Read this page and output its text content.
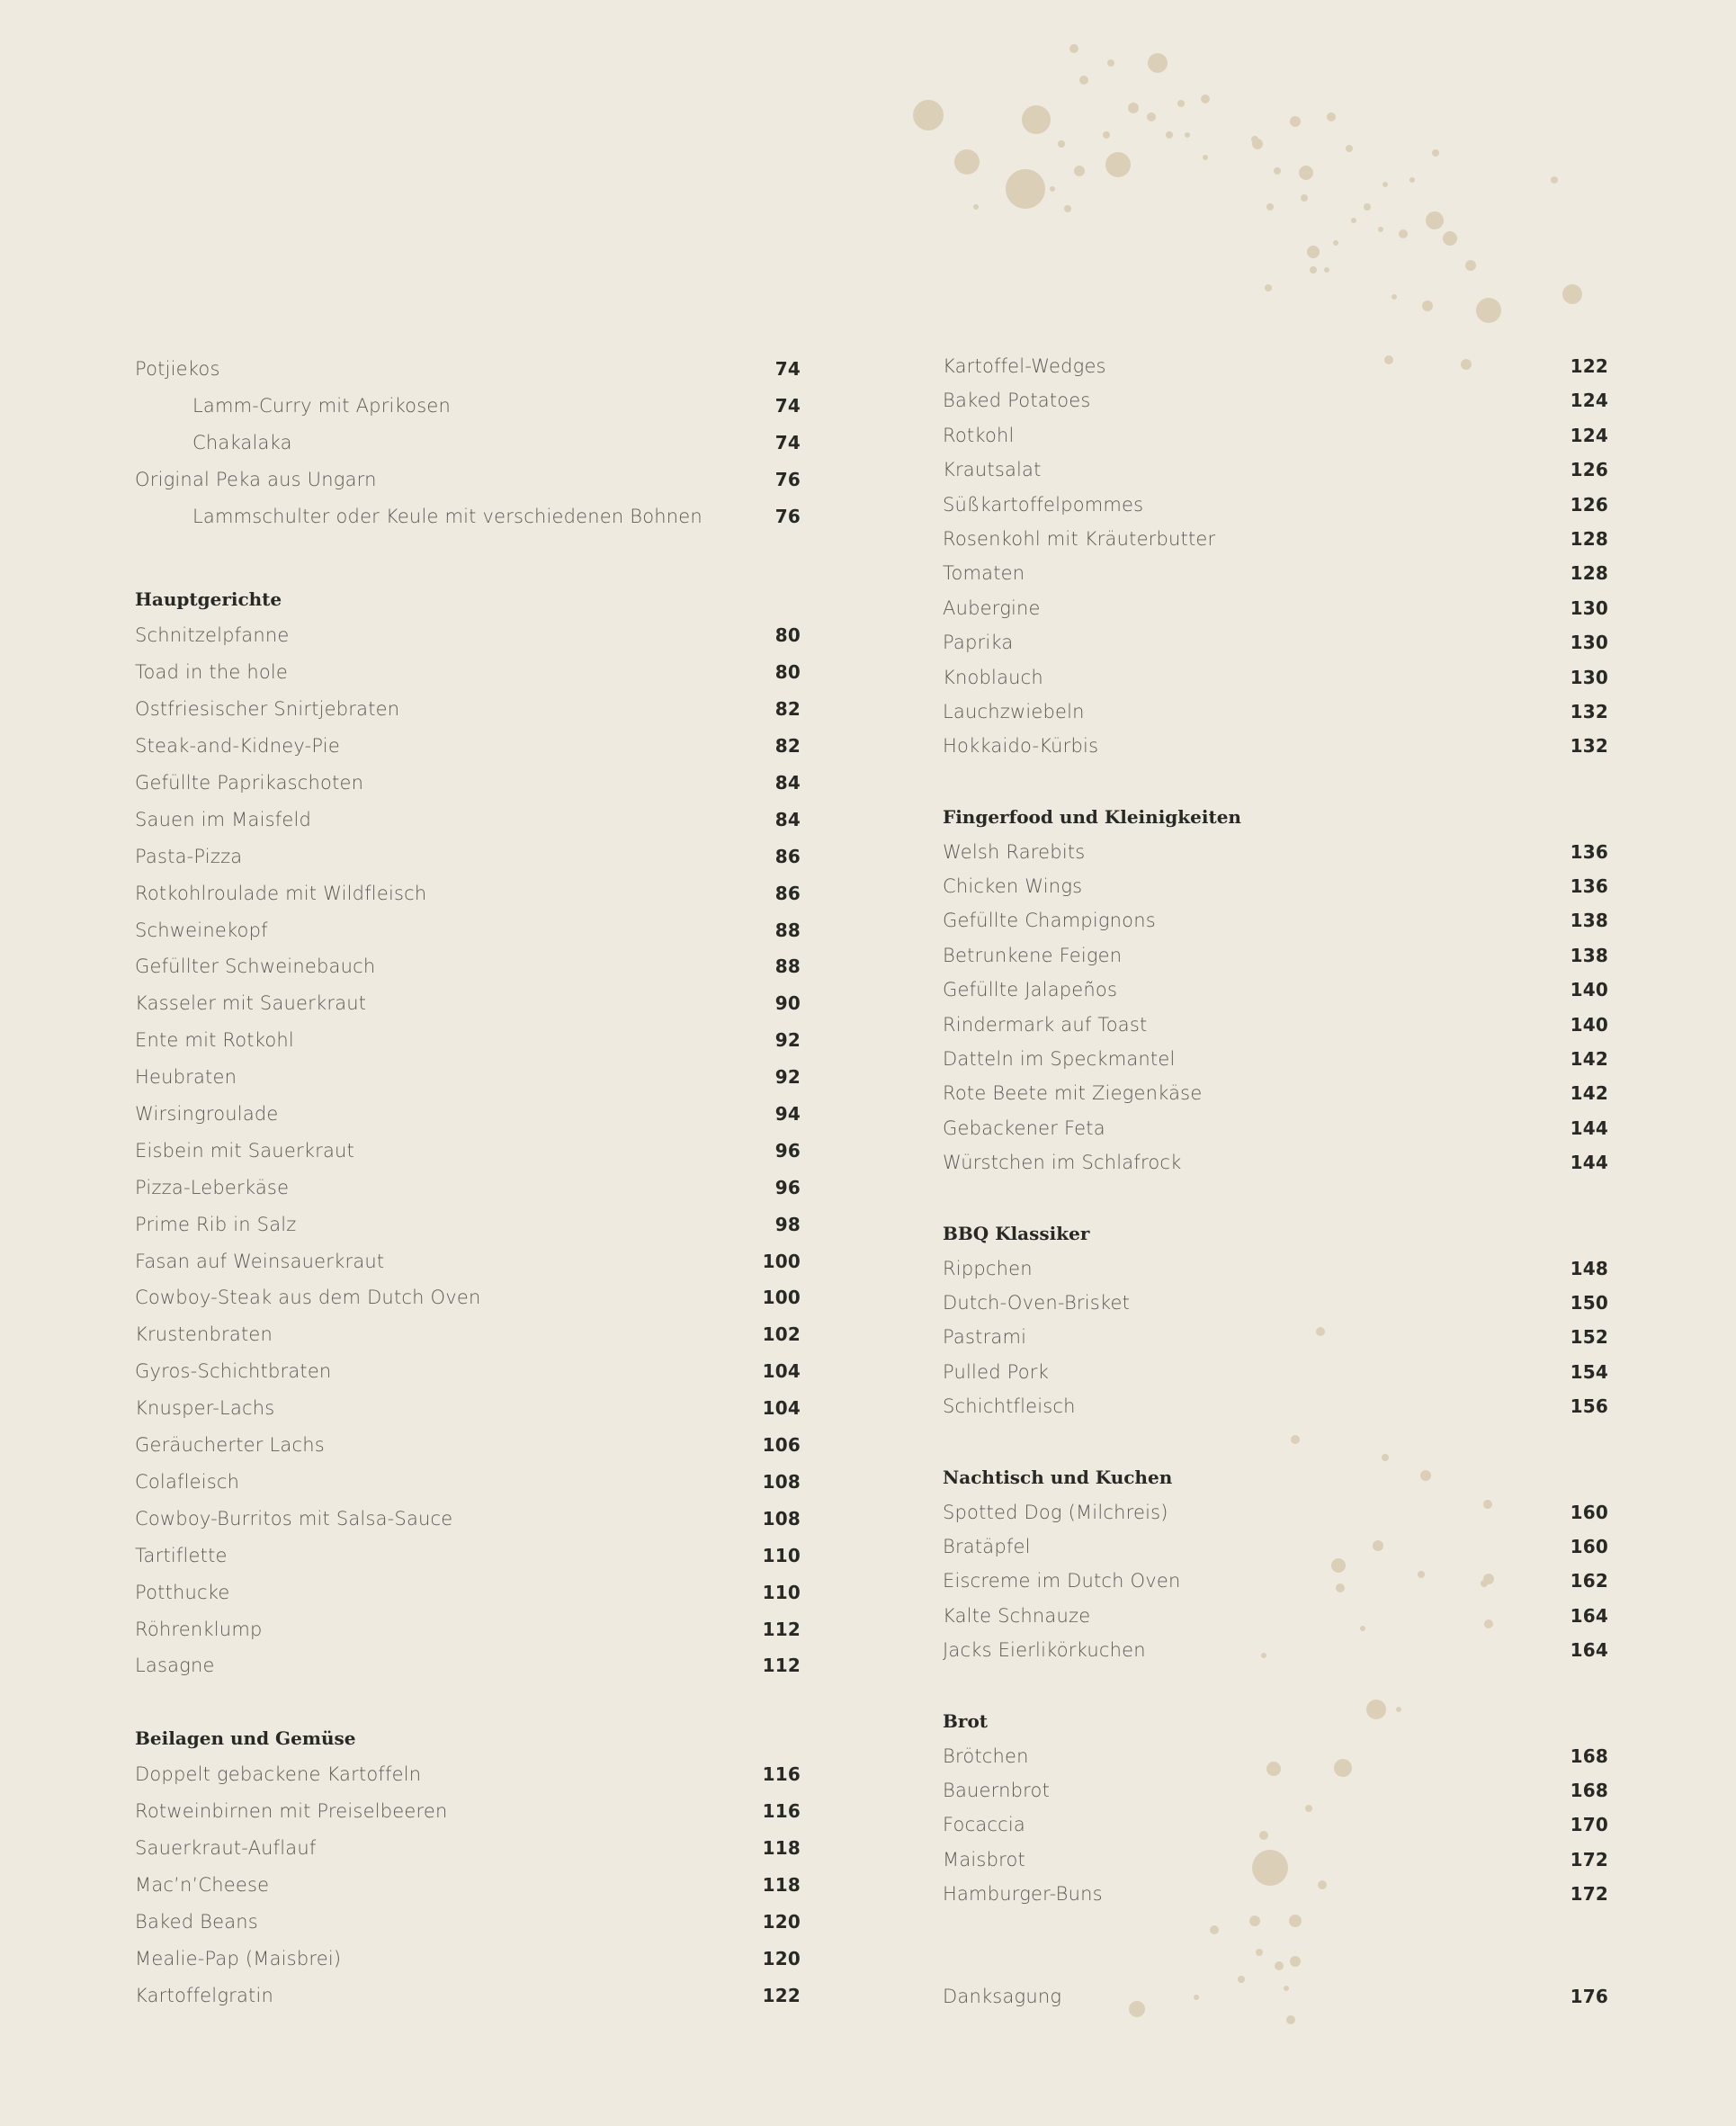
Potjiekos	74
Lamm-Curry mit Aprikosen	74
Chakalaka	74
Original Peka aus Ungarn	76
Lammschulter oder Keule mit verschiedenen Bohnen	76
Hauptgerichte
Schnitzelpfanne	80
Toad in the hole	80
Ostfriesischer Snirtjebraten	82
Steak-and-Kidney-Pie	82
Gefüllte Paprikaschoten	84
Sauen im Maisfeld	84
Pasta-Pizza	86
Rotkohlroulade mit Wildfleisch	86
Schweinekopf	88
Gefüllter Schweinebauch	88
Kasseler mit Sauerkraut	90
Ente mit Rotkohl	92
Heubraten	92
Wirsingroulade	94
Eisbein mit Sauerkraut	96
Pizza-Leberkäse	96
Prime Rib in Salz	98
Fasan auf Weinsauerkraut	100
Cowboy-Steak aus dem Dutch Oven	100
Krustenbraten	102
Gyros-Schichtbraten	104
Knusper-Lachs	104
Geräucherter Lachs	106
Colafleisch	108
Cowboy-Burritos mit Salsa-Sauce	108
Tartiflette	110
Potthucke	110
Röhrenklump	112
Lasagne	112
Beilagen und Gemüse
Doppelt gebackene Kartoffeln	116
Rotweinbirnen mit Preiselbeeren	116
Sauerkraut-Auflauf	118
Mac’n’Cheese	118
Baked Beans	120
Mealie-Pap (Maisbrei)	120
Kartoffelgratin	122
Kartoffel-Wedges	122
Baked Potatoes	124
Rotkohl	124
Krautsalat	126
Süßkartoffelpommes	126
Rosenkohl mit Kräuterbutter	128
Tomaten	128
Aubergine	130
Paprika	130
Knoblauch	130
Lauchzwiebeln	132
Hokkaido-Kürbis	132
Fingerfood und Kleinigkeiten
Welsh Rarebits	136
Chicken Wings	136
Gefüllte Champignons	138
Betrunkene Feigen	138
Gefüllte Jalapeños	140
Rindermark auf Toast	140
Datteln im Speckmantel	142
Rote Beete mit Ziegenkäse	142
Gebackener Feta	144
Würstchen im Schlafrock	144
BBQ Klassiker
Rippchen	148
Dutch-Oven-Brisket	150
Pastrami	152
Pulled Pork	154
Schichtfleisch	156
Nachtisch und Kuchen
Spotted Dog (Milchreis)	160
Bratäpfel	160
Eiscreme im Dutch Oven	162
Kalte Schnauze	164
Jacks Eierlikörkuchen	164
Brot
Brötchen	168
Bauernbrot	168
Focaccia	170
Maisbrot	172
Hamburger-Buns	172
Danksagung	176
